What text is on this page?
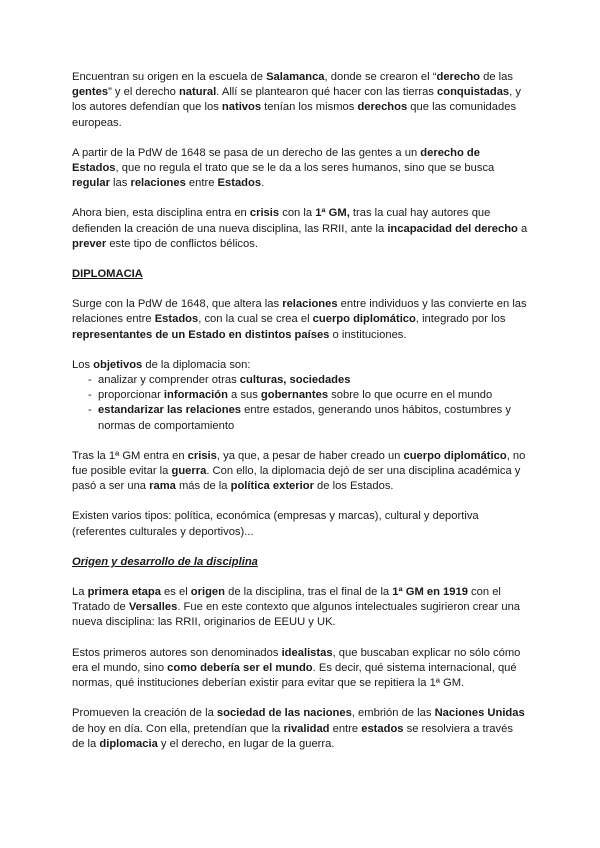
Encuentran su origen en la escuela de Salamanca, donde se crearon el “derecho de las gentes” y el derecho natural. Allí se plantearon qué hacer con las tierras conquistadas, y los autores defendían que los nativos tenían los mismos derechos que las comunidades europeas.

A partir de la PdW de 1648 se pasa de un derecho de las gentes a un derecho de Estados, que no regula el trato que se le da a los seres humanos, sino que se busca regular las relaciones entre Estados.

Ahora bien, esta disciplina entra en crisis con la 1ª GM, tras la cual hay autores que defienden la creación de una nueva disciplina, las RRII, ante la incapacidad del derecho a prever este tipo de conflictos bélicos.

DIPLOMACIA

Surge con la PdW de 1648, que altera las relaciones entre individuos y las convierte en las relaciones entre Estados, con la cual se crea el cuerpo diplomático, integrado por los representantes de un Estado en distintos países o instituciones.

Los objetivos de la diplomacia son:

- analizar y comprender otras culturas, sociedades
- proporcionar información a sus gobernantes sobre lo que ocurre en el mundo
- estandarizar las relaciones entre estados, generando unos hábitos, costumbres y normas de comportamiento

Tras la 1ª GM entra en crisis, ya que, a pesar de haber creado un cuerpo diplomático, no fue posible evitar la guerra. Con ello, la diplomacia dejó de ser una disciplina académica y pasó a ser una rama más de la política exterior de los Estados.

Existen varios tipos: política, económica (empresas y marcas), cultural y deportiva (referentes culturales y deportivos)...

Origen y desarrollo de la disciplina

La primera etapa es el origen de la disciplina, tras el final de la 1ª GM en 1919 con el Tratado de Versalles. Fue en este contexto que algunos intelectuales sugirieron crear una nueva disciplina: las RRII, originarios de EEUU y UK.

Estos primeros autores son denominados idealistas, que buscaban explicar no sólo cómo era el mundo, sino como debería ser el mundo. Es decir, qué sistema internacional, qué normas, qué instituciones deberían existir para evitar que se repitiera la 1ª GM.

Promueven la creación de la sociedad de las naciones, embrión de las Naciones Unidas de hoy en día. Con ella, pretendían que la rivalidad entre estados se resolviera a través de la diplomacia y el derecho, en lugar de la guerra.
